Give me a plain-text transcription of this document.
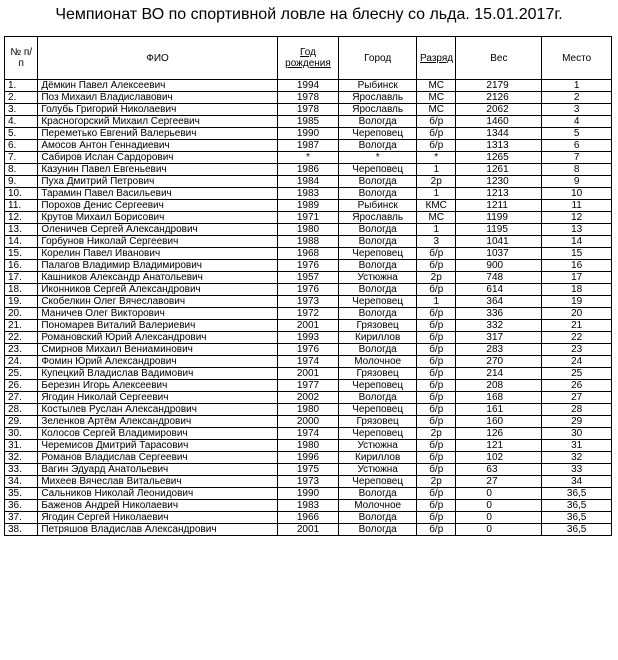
Чемпионат ВО по спортивной ловле на блесну со льда. 15.01.2017г.
№ п/п	ФИО	Год рождения	Город	Разряд	Вес	Место
1.	Дёмкин Павел Алексеевич	1994	Рыбинск	МС	2179	1
2.	Поз Михаил Владиславович	1978	Ярославль	МС	2126	2
3.	Голубь Григорий Николаевич	1978	Ярославль	МС	2062	3
4.	Красногорский Михаил Сергеевич	1985	Вологда	б/р	1460	4
5.	Переметько Евгений Валерьевич	1990	Череповец	б/р	1344	5
6.	Амосов Антон Геннадиевич	1987	Вологда	б/р	1313	6
7.	Сабиров Ислан Сардорович	*	*	*	1265	7
8.	Казунин Павел Евгеньевич	1986	Череповец	1	1261	8
9.	Пуха Дмитрий Петрович	1984	Вологда	2р	1230	9
10.	Тарамин Павел Васильевич	1983	Вологда	1	1213	10
11.	Порохов Денис Сергеевич	1989	Рыбинск	КМС	1211	11
12.	Крутов Михаил Борисович	1971	Ярославль	МС	1199	12
13.	Оленичев Сергей Александрович	1980	Вологда	1	1195	13
14.	Горбунов Николай Сергеевич	1988	Вологда	3	1041	14
15.	Корелин Павел Иванович	1968	Череповец	б/р	1037	15
16.	Палагов Владимир Владимирович	1976	Вологда	б/р	900	16
17.	Кашников Александр Анатольевич	1957	Устюжна	2р	748	17
18.	Иконников Сергей Александрович	1976	Вологда	б/р	614	18
19.	Скобелкин Олег Вячеславович	1973	Череповец	1	364	19
20.	Маничев Олег Викторович	1972	Вологда	б/р	336	20
21.	Пономарев Виталий Валериевич	2001	Грязовец	б/р	332	21
22.	Романовский Юрий Александрович	1993	Кириллов	б/р	317	22
23.	Смирнов Михаил Вениаминович	1976	Вологда	б/р	283	23
24.	Фомин Юрий Александрович	1974	Молочное	б/р	270	24
25.	Купецкий Владислав Вадимович	2001	Грязовец	б/р	214	25
26.	Березин Игорь Алексеевич	1977	Череповец	б/р	208	26
27.	Ягодин Николай Сергеевич	2002	Вологда	б/р	168	27
28.	Костылев Руслан Александрович	1980	Череповец	б/р	161	28
29.	Зеленков Артём Александрович	2000	Грязовец	б/р	160	29
30.	Колосов Сергей Владимирович	1974	Череповец	2р	126	30
31.	Черемисов Дмитрий Тарасович	1980	Устюжна	б/р	121	31
32.	Романов Владислав Сергеевич	1996	Кириллов	б/р	102	32
33.	Вагин Эдуард Анатольевич	1975	Устюжна	б/р	63	33
34.	Михеев Вячеслав Витальевич	1973	Череповец	2р	27	34
35.	Сальников Николай Леонидович	1990	Вологда	б/р	0	36,5
36.	Баженов Андрей Николаевич	1983	Молочное	б/р	0	36,5
37.	Ягодин Сергей Николаевич	1966	Вологда	б/р	0	36,5
38.	Петряшов Владислав Александрович	2001	Вологда	б/р	0	36,5
